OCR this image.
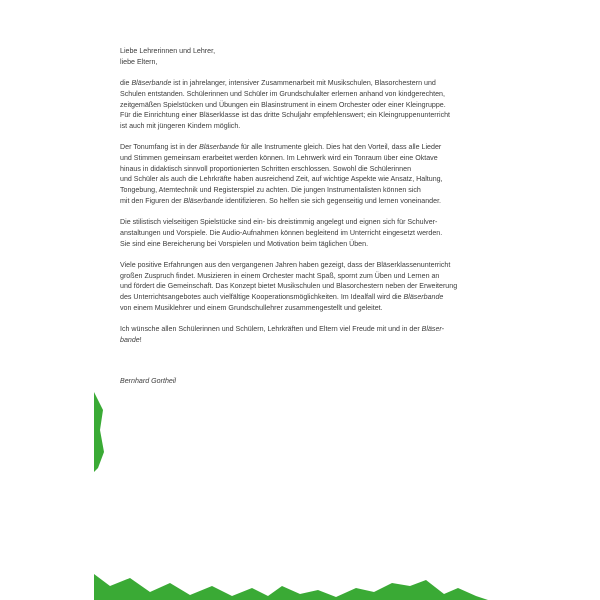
Liebe Lehrerinnen und Lehrer,
liebe Eltern,

die Bläserbande ist in jahrelanger, intensiver Zusammenarbeit mit Musikschulen, Blasorchestern und
Schulen entstanden. Schülerinnen und Schüler im Grundschulalter erlernen anhand von kindgerechten,
zeitgemäßen Spielstücken und Übungen ein Blasinstrument in einem Orchester oder einer Kleingruppe.
Für die Einrichtung einer Bläserklasse ist das dritte Schuljahr empfehlenswert; ein Kleingruppenunterricht
ist auch mit jüngeren Kindern möglich.

Der Tonumfang ist in der Bläserbande für alle Instrumente gleich. Dies hat den Vorteil, dass alle Lieder
und Stimmen gemeinsam erarbeitet werden können. Im Lehrwerk wird ein Tonraum über eine Oktave
hinaus in didaktisch sinnvoll proportionierten Schritten erschlossen. Sowohl die Schülerinnen
und Schüler als auch die Lehrkräfte haben ausreichend Zeit, auf wichtige Aspekte wie Ansatz, Haltung,
Tongebung, Atemtechnik und Registerspiel zu achten. Die jungen Instrumentalisten können sich
mit den Figuren der Bläserbande identifizieren. So helfen sie sich gegenseitig und lernen voneinander.

Die stilistisch vielseitigen Spielstücke sind ein- bis dreistimmig angelegt und eignen sich für Schulver-
anstaltungen und Vorspiele. Die Audio-Aufnahmen können begleitend im Unterricht eingesetzt werden.
Sie sind eine Bereicherung bei Vorspielen und Motivation beim täglichen Üben.

Viele positive Erfahrungen aus den vergangenen Jahren haben gezeigt, dass der Bläserklassenunterricht
großen Zuspruch findet. Musizieren in einem Orchester macht Spaß, spornt zum Üben und Lernen an
und fördert die Gemeinschaft. Das Konzept bietet Musikschulen und Blasorchestern neben der Erweiterung
des Unterrichtsangebotes auch vielfältige Kooperationsmöglichkeiten. Im Idealfall wird die Bläserbande
von einem Musiklehrer und einem Grundschullehrer zusammengestellt und geleitet.

Ich wünsche allen Schülerinnen und Schülern, Lehrkräften und Eltern viel Freude mit und in der Bläser-
bande!

Bernhard Gortheil
